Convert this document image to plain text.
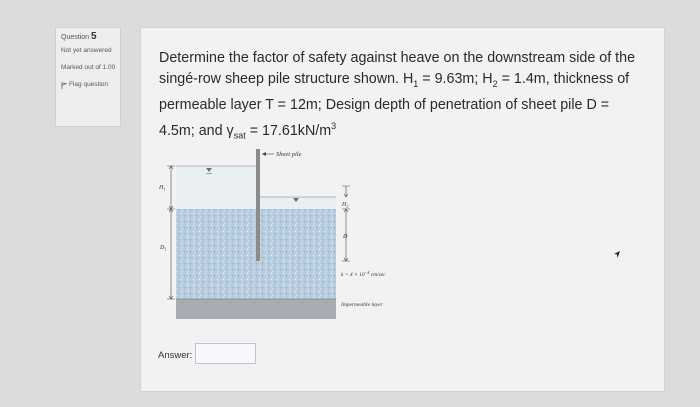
Question 5
Not yet answered
Marked out of 1.00
Flag question
Determine the factor of safety against heave on the downstream side of the
singé-row sheep pile structure shown. $H_1 = 9.63m$; $H_2 = 1.4m$, thickness of
permeable layer T = 12m; Design depth of penetration of sheet pile D =
4.5m; and $\gamma_{sat} = 17.61kN/m^3$
Sheet pile
$H_1$
$D_1$
$H_2$
D
$k = 4 \times 10^{-4}$ cm/sec
Impermeable layer
Answer:
